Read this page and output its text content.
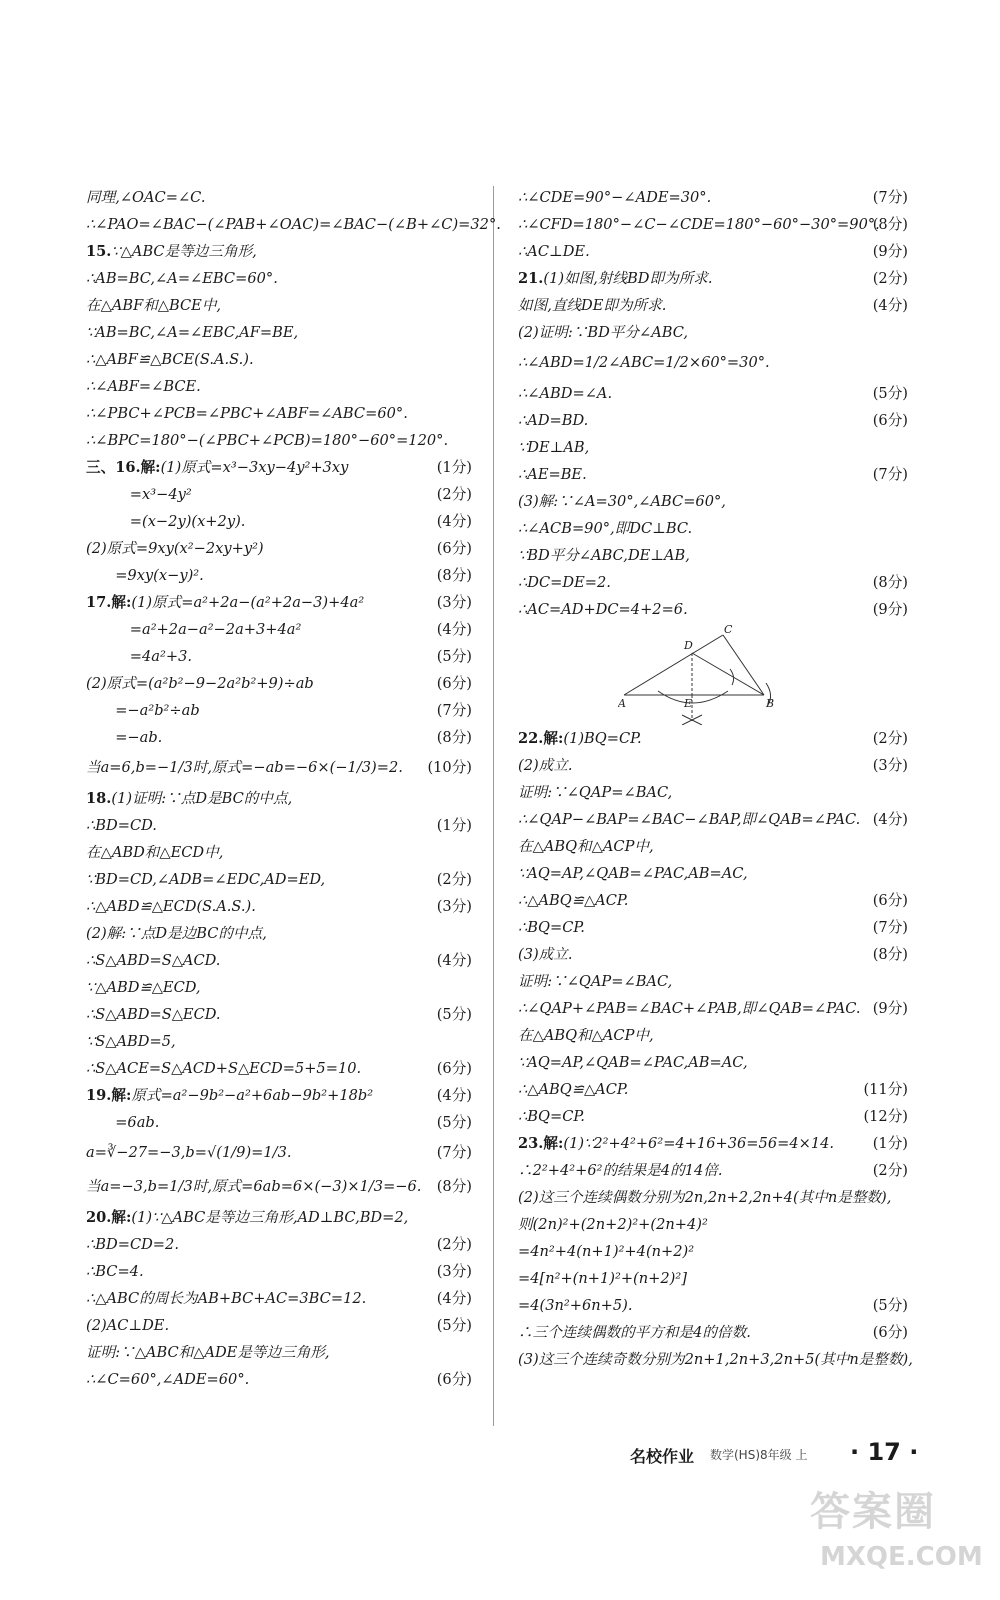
同理,∠OAC=∠C.
∴∠PAO=∠BAC−(∠PAB+∠OAC)=∠BAC−(∠B+∠C)=32°.
15.∵△ABC是等边三角形,
∴AB=BC,∠A=∠EBC=60°.
在△ABF和△BCE中,
∵AB=BC,∠A=∠EBC,AF=BE,
∴△ABF≌△BCE(S.A.S.).
∴∠ABF=∠BCE.
∴∠PBC+∠PCB=∠PBC+∠ABF=∠ABC=60°.
∴∠BPC=180°−(∠PBC+∠PCB)=180°−60°=120°.
三、16.解:(1)原式=x³−3xy−4y²+3xy	(1分)
　　　=x³−4y²	(2分)
　　　=(x−2y)(x+2y).	(4分)
(2)原式=9xy(x²−2xy+y²)	(6分)
　　=9xy(x−y)².	(8分)
17.解:(1)原式=a²+2a−(a²+2a−3)+4a²	(3分)
　　　=a²+2a−a²−2a+3+4a²	(4分)
　　　=4a²+3.	(5分)
(2)原式=(a²b²−9−2a²b²+9)÷ab	(6分)
　　=−a²b²÷ab	(7分)
　　=−ab.	(8分)
当a=6,b=−1/3时,原式=−ab=−6×(−1/3)=2. (10分)
18.(1)证明:∵点D是BC的中点,
∴BD=CD.	(1分)
在△ABD和△ECD中,
∵BD=CD,∠ADB=∠EDC,AD=ED,	(2分)
∴△ABD≌△ECD(S.A.S.).	(3分)
(2)解:∵点D是边BC的中点,
∴S△ABD=S△ACD.	(4分)
∵△ABD≌△ECD,
∴S△ABD=S△ECD.	(5分)
∵S△ABD=5,
∴S△ACE=S△ACD+S△ECD=5+5=10.	(6分)
19.解:原式=a²−9b²−a²+6ab−9b²+18b²	(4分)
　　=6ab.	(5分)
a=∛−27=−3,b=√(1/9)=1/3.	(7分)
当a=−3,b=1/3时,原式=6ab=6×(−3)×1/3=−6. (8分)
20.解:(1)∵△ABC是等边三角形,AD⊥BC,BD=2,
∴BD=CD=2.	(2分)
∴BC=4.	(3分)
∴△ABC的周长为AB+BC+AC=3BC=12.	(4分)
(2)AC⊥DE.	(5分)
证明:∵△ABC和△ADE是等边三角形,
∴∠C=60°,∠ADE=60°.	(6分)
∴∠CDE=90°−∠ADE=30°.	(7分)
∴∠CFD=180°−∠C−∠CDE=180°−60°−30°=90°.
(8分)
∴AC⊥DE.	(9分)
21.(1)如图,射线BD即为所求.	(2分)
如图,直线DE即为所求.	(4分)
(2)证明:∵BD平分∠ABC,
∴∠ABD=1/2∠ABC=1/2×60°=30°.
∴∠ABD=∠A.	(5分)
∴AD=BD.	(6分)
∵DE⊥AB,
∴AE=BE.	(7分)
(3)解:∵∠A=30°,∠ABC=60°,
∴∠ACB=90°,即DC⊥BC.
∵BD平分∠ABC,DE⊥AB,
∴DC=DE=2.	(8分)
∴AC=AD+DC=4+2=6.	(9分)
A	B
C
D
E
22.解:(1)BQ=CP.	(2分)
(2)成立.	(3分)
证明:∵∠QAP=∠BAC,
∴∠QAP−∠BAP=∠BAC−∠BAP,即∠QAB=∠PAC. (4分)
在△ABQ和△ACP中,
∵AQ=AP,∠QAB=∠PAC,AB=AC,
∴△ABQ≌△ACP.	(6分)
∴BQ=CP.	(7分)
(3)成立.	(8分)
证明:∵∠QAP=∠BAC,
∴∠QAP+∠PAB=∠BAC+∠PAB,即∠QAB=∠PAC. (9分)
在△ABQ和△ACP中,
∵AQ=AP,∠QAB=∠PAC,AB=AC,
∴△ABQ≌△ACP.	(11分)
∴BQ=CP.	(12分)
23.解:(1)∵2²+4²+6²=4+16+36=56=4×14.	(1分)
∴2²+4²+6²的结果是4的14倍.	(2分)
(2)这三个连续偶数分别为2n,2n+2,2n+4(其中n是整数),
则(2n)²+(2n+2)²+(2n+4)²
=4n²+4(n+1)²+4(n+2)²
=4[n²+(n+1)²+(n+2)²]
=4(3n²+6n+5).	(5分)
∴三个连续偶数的平方和是4的倍数.	(6分)
(3)这三个连续奇数分别为2n+1,2n+3,2n+5(其中n是整数),
名校作业 数学(HS)8年级 上 · 17 ·
答案圈
MXQE.COM
